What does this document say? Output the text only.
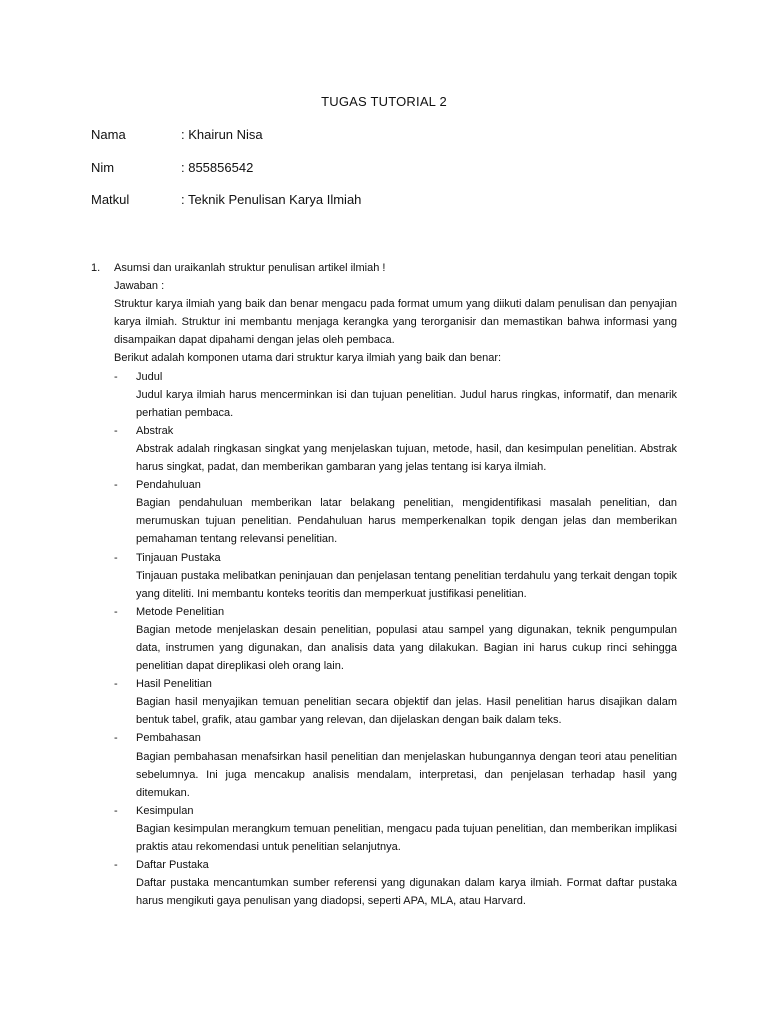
TUGAS TUTORIAL 2
Nama	: Khairun Nisa
Nim	: 855856542
Matkul	: Teknik Penulisan Karya Ilmiah
1. Asumsi dan uraikanlah struktur penulisan artikel ilmiah !

Jawaban :

Struktur karya ilmiah yang baik dan benar mengacu pada format umum yang diikuti dalam penulisan dan penyajian karya ilmiah. Struktur ini membantu menjaga kerangka yang terorganisir dan memastikan bahwa informasi yang disampaikan dapat dipahami dengan jelas oleh pembaca.

Berikut adalah komponen utama dari struktur karya ilmiah yang baik dan benar:

- Judul

Judul karya ilmiah harus mencerminkan isi dan tujuan penelitian. Judul harus ringkas, informatif, dan menarik perhatian pembaca.

- Abstrak

Abstrak adalah ringkasan singkat yang menjelaskan tujuan, metode, hasil, dan kesimpulan penelitian. Abstrak harus singkat, padat, dan memberikan gambaran yang jelas tentang isi karya ilmiah.

- Pendahuluan

Bagian pendahuluan memberikan latar belakang penelitian, mengidentifikasi masalah penelitian, dan merumuskan tujuan penelitian. Pendahuluan harus memperkenalkan topik dengan jelas dan memberikan pemahaman tentang relevansi penelitian.

- Tinjauan Pustaka

Tinjauan pustaka melibatkan peninjauan dan penjelasan tentang penelitian terdahulu yang terkait dengan topik yang diteliti. Ini membantu konteks teoritis dan memperkuat justifikasi penelitian.

- Metode Penelitian

Bagian metode menjelaskan desain penelitian, populasi atau sampel yang digunakan, teknik pengumpulan data, instrumen yang digunakan, dan analisis data yang dilakukan. Bagian ini harus cukup rinci sehingga penelitian dapat direplikasi oleh orang lain.

- Hasil Penelitian

Bagian hasil menyajikan temuan penelitian secara objektif dan jelas. Hasil penelitian harus disajikan dalam bentuk tabel, grafik, atau gambar yang relevan, dan dijelaskan dengan baik dalam teks.

- Pembahasan

Bagian pembahasan menafsirkan hasil penelitian dan menjelaskan hubungannya dengan teori atau penelitian sebelumnya. Ini juga mencakup analisis mendalam, interpretasi, dan penjelasan terhadap hasil yang ditemukan.

- Kesimpulan

Bagian kesimpulan merangkum temuan penelitian, mengacu pada tujuan penelitian, dan memberikan implikasi praktis atau rekomendasi untuk penelitian selanjutnya.

- Daftar Pustaka

Daftar pustaka mencantumkan sumber referensi yang digunakan dalam karya ilmiah. Format daftar pustaka harus mengikuti gaya penulisan yang diadopsi, seperti APA, MLA, atau Harvard.
